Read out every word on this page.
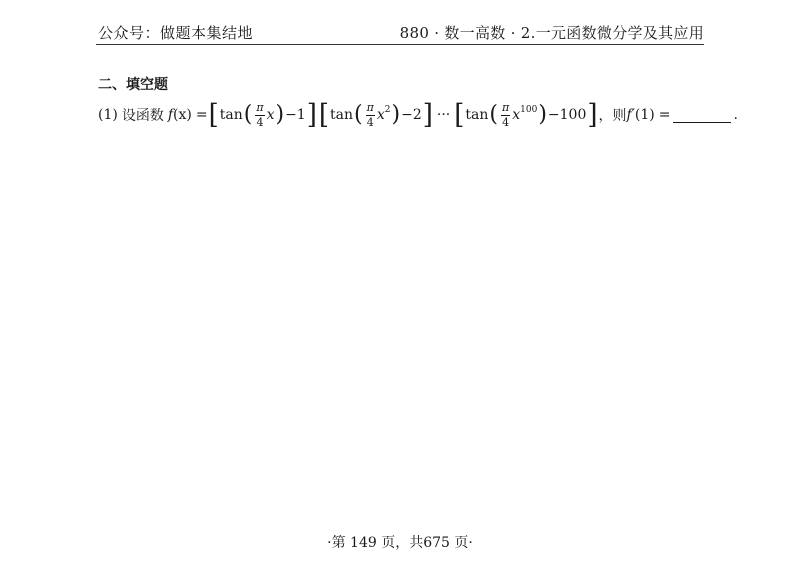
公众号：做题本集结地	880 · 数一高数 · 2.一元函数微分学及其应用
二、填空题
(1) 设函数 f (x) = [ tan ( $\frac{\pi}{4}$ x ) −1 ] [ tan ( $\frac{\pi}{4} x^2$ ) −2 ] ··· [ tan ( $\frac{\pi}{4} x^{100}$ ) −100 ] ，则 f′ (1) =	.
·第 149 页，共675 页·
